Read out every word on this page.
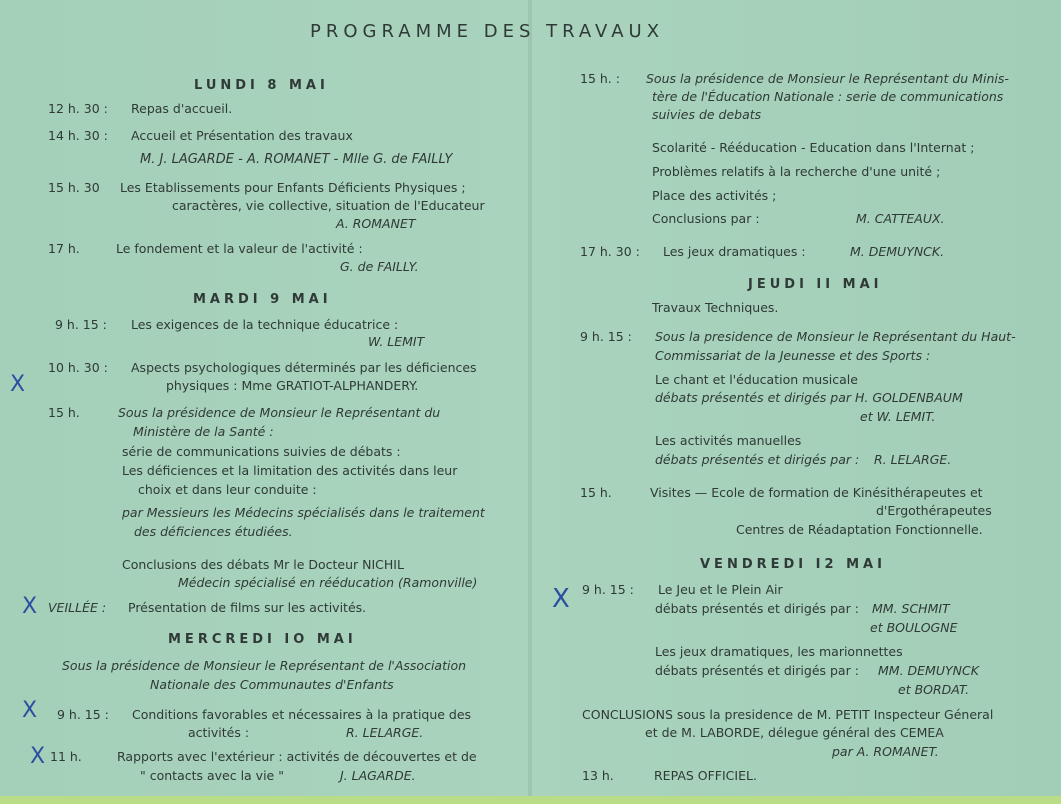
PROGRAMME DES TRAVAUX
LUNDI 8 MAI
12 h. 30 : Repas d'accueil.
14 h. 30 : Accueil et Présentation des travaux
M. J. LAGARDE - A. ROMANET - Mlle G. de FAILLY
15 h. 30 Les Etablissements pour Enfants Déficients Physiques ;
caractères, vie collective, situation de l'Educateur
A. ROMANET
17 h.	Le fondement et la valeur de l'activité :
G. de FAILLY.
MARDI 9 MAI
9 h. 15 : Les exigences de la technique éducatrice :
W. LEMIT
10 h. 30 : Aspects psychologiques déterminés par les déficiences
physiques : Mme GRATIOT-ALPHANDERY.
15 h.	Sous la présidence de Monsieur le Représentant du
Ministère de la Santé :
série de communications suivies de débats :
Les déficiences et la limitation des activités dans leur
choix et dans leur conduite :
par Messieurs les Médecins spécialisés dans le traitement
des déficiences étudiées.
Conclusions des débats Mr le Docteur NICHIL
Médecin spécialisé en rééducation (Ramonville)
VEILLÉE : Présentation de films sur les activités.
MERCREDI IO MAI
Sous la présidence de Monsieur le Représentant de l'Association
Nationale des Communautes d'Enfants
9 h. 15 : Conditions favorables et nécessaires à la pratique des
activités :	R. LELARGE.
11 h.	Rapports avec l'extérieur : activités de découvertes et de
" contacts avec la vie "	J. LAGARDE.
X
X
X
X
X
15 h. : Sous la présidence de Monsieur le Représentant du Minis-
tère de l'Éducation Nationale : serie de communications
suivies de debats
Scolarité - Rééducation - Education dans l'Internat ;
Problèmes relatifs à la recherche d'une unité ;
Place des activités ;
Conclusions par :	M. CATTEAUX.
17 h. 30 : Les jeux dramatiques :	M. DEMUYNCK.
JEUDI II MAI
Travaux Techniques.
9 h. 15 : Sous la presidence de Monsieur le Représentant du Haut-
Commissariat de la Jeunesse et des Sports :
Le chant et l'éducation musicale
débats présentés et dirigés par H. GOLDENBAUM
et W. LEMIT.
Les activités manuelles
débats présentés et dirigés par : R. LELARGE.
15 h.	Visites — Ecole de formation de Kinésithérapeutes et
d'Ergothérapeutes
Centres de Réadaptation Fonctionnelle.
VENDREDI I2 MAI
9 h. 15 : Le Jeu et le Plein Air
débats présentés et dirigés par : MM. SCHMIT
et BOULOGNE
Les jeux dramatiques, les marionnettes
débats présentés et dirigés par : MM. DEMUYNCK
et BORDAT.
CONCLUSIONS sous la presidence de M. PETIT Inspecteur Géneral
et de M. LABORDE, délegue général des CEMEA
par A. ROMANET.
13 h.	REPAS OFFICIEL.
